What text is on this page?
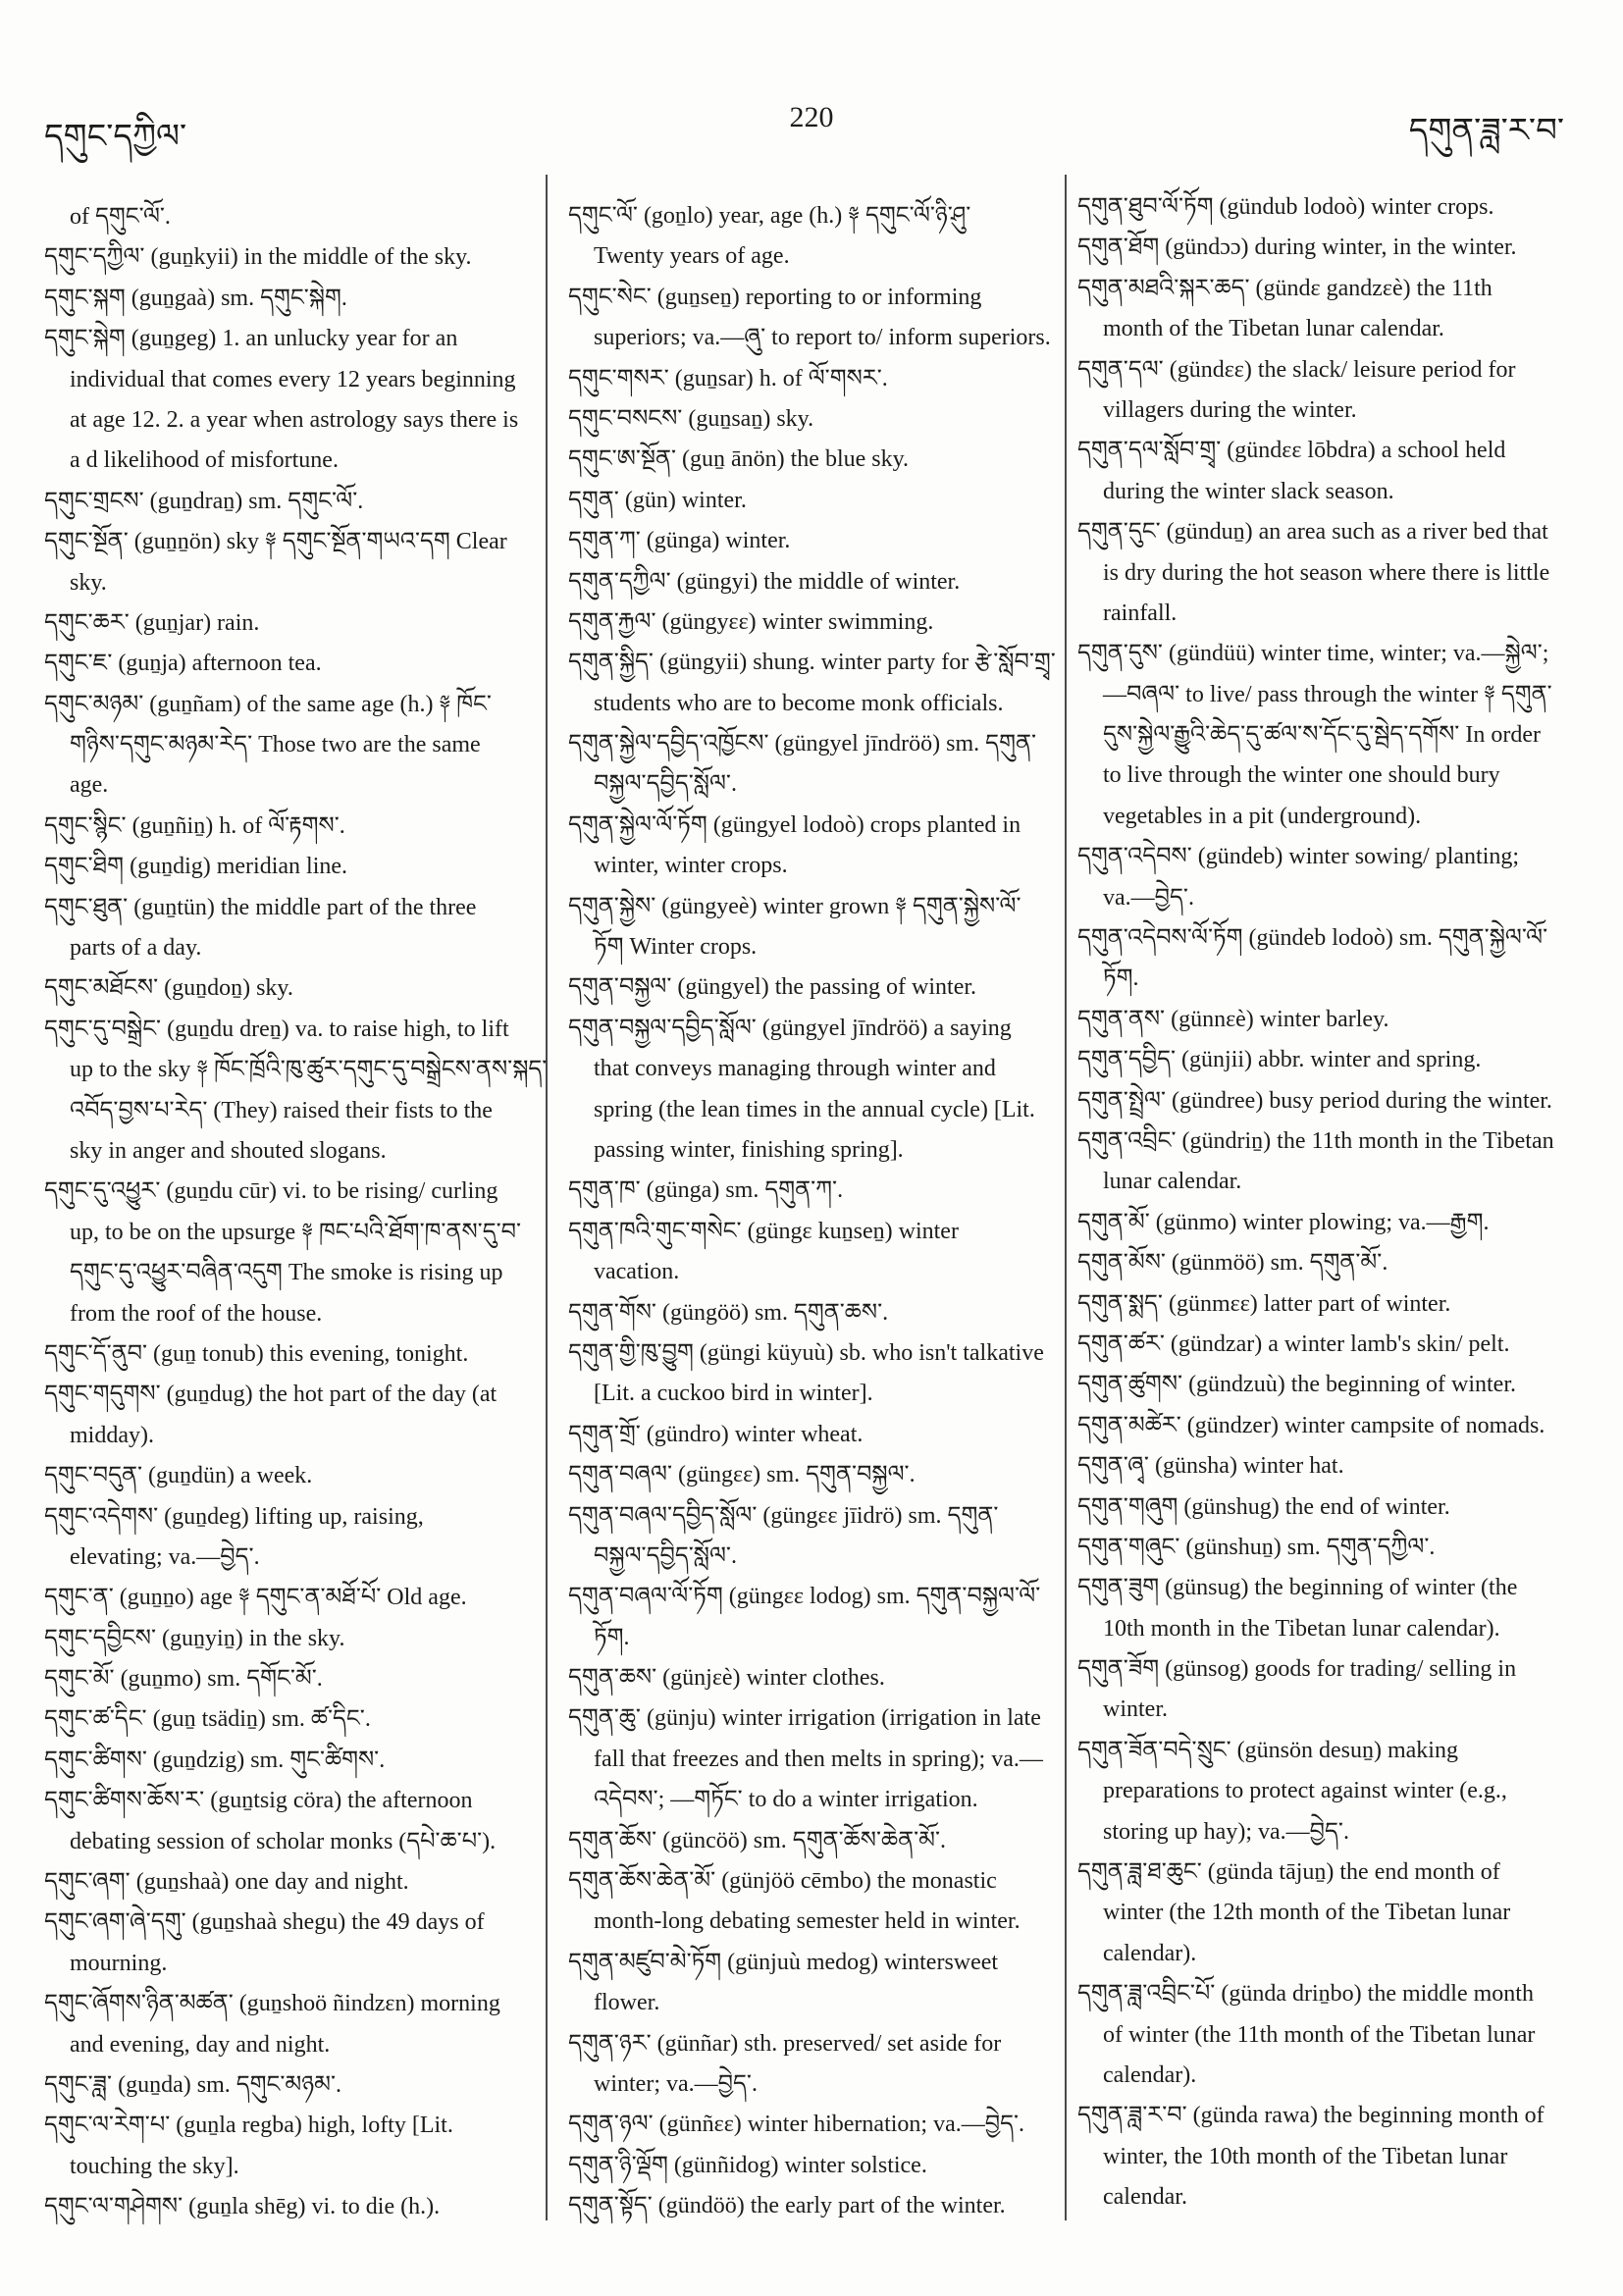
དགུང་དཀྱིལ་
220	དགུན་ཟླ་ར་བ་
of དགུང་ལོ་.
དགུང་དཀྱིལ་ (guṉkyii) in the middle of the sky.
དགུང་སྐག (guṉgaà) sm. དགུང་སྐེག.
དགུང་སྐེག (guṉgeg) 1. an unlucky year for an
individual that comes every 12 years beginning
at age 12. 2. a year when astrology says there is
a d likelihood of misfortune.
དགུང་གྲངས་ (guṉdraṉ) sm. དགུང་ལོ་.
དགུང་སྔོན་ (guṉṉön) sky ༈ དགུང་སྔོན་གཡའ་དག Clear
sky.
དགུང་ཆར་ (guṉjar) rain.
དགུང་ཇ་ (guṉja) afternoon tea.
དགུང་མཉམ་ (guṉñam) of the same age (h.) ༈ ཁོང་
གཉིས་དགུང་མཉམ་རེད་ Those two are the same
age.
དགུང་སྙིང་ (guṉñiṉ) h. of ལོ་རྟགས་.
དགུང་ཐིག (guṉdig) meridian line.
དགུང་ཐུན་ (guṉtün) the middle part of the three
parts of a day.
དགུང་མཐོངས་ (guṉdoṉ) sky.
དགུང་དུ་བསྒྲེང་ (guṉdu dreṉ) va. to raise high, to lift
up to the sky ༈ ཁོང་ཁྲོའི་ཁུ་ཚུར་དགུང་དུ་བསྒྲེངས་ནས་སྐད་
འབོད་བྱས་པ་རེད་ (They) raised their fists to the
sky in anger and shouted slogans.
དགུང་དུ་འཕྱུར་ (guṉdu cūr) vi. to be rising/ curling
up, to be on the upsurge ༈ ཁང་པའི་ཐོག་ཁ་ནས་དུ་བ་
དགུང་དུ་འཕྱུར་བཞིན་འདུག The smoke is rising up
from the roof of the house.
དགུང་དོ་ནུབ་ (guṉ tonub) this evening, tonight.
དགུང་གདུགས་ (guṉdug) the hot part of the day (at
midday).
དགུང་བདུན་ (guṉdün) a week.
དགུང་འདེགས་ (guṉdeg) lifting up, raising,
elevating; va.—བྱེད་.
དགུང་ན་ (guṉṉo) age ༈ དགུང་ན་མཐོ་པོ་ Old age.
དགུང་དབྱིངས་ (guṉyiṉ) in the sky.
དགུང་མོ་ (guṉmo) sm. དགོང་མོ་.
དགུང་ཚ་དིང་ (guṉ tsädiṉ) sm. ཚ་དིང་.
དགུང་ཚིགས་ (guṉdzig) sm. གུང་ཚིགས་.
དགུང་ཚིགས་ཆོས་ར་ (guṉtsig cöra) the afternoon
debating session of scholar monks (དཔེ་ཆ་པ་).
དགུང་ཞག་ (guṉshaà) one day and night.
དགུང་ཞག་ཞེ་དགུ་ (guṉshaà shegu) the 49 days of
mourning.
དགུང་ཞོགས་ཉིན་མཚན་ (guṉshoö ñindzɛn) morning
and evening, day and night.
དགུང་ཟླ་ (guṉda) sm. དགུང་མཉམ་.
དགུང་ལ་རེག་པ་ (guṉla regba) high, lofty [Lit.
touching the sky].
དགུང་ལ་གཤེགས་ (guṉla shēg) vi. to die (h.).
དགུང་ལོ་ (goṉlo) year, age (h.) ༈ དགུང་ལོ་ཉི་ཤུ་
Twenty years of age.
དགུང་སེང་ (guṉseṉ) reporting to or informing
superiors; va.—ཞུ་ to report to/ inform superiors.
དགུང་གསར་ (guṉsar) h. of ལོ་གསར་.
དགུང་བསངས་ (guṉsaṉ) sky.
དགུང་ཨ་སྔོན་ (guṉ ānön) the blue sky.
དགུན་ (gün) winter.
དགུན་ཀ་ (günga) winter.
དགུན་དཀྱིལ་ (güngyi) the middle of winter.
དགུན་རྐྱལ་ (güngyɛɛ) winter swimming.
དགུན་སྐྱིད་ (güngyii) shung. winter party for རྩེ་སློབ་གྲྭ་
students who are to become monk officials.
དགུན་སྐྱེལ་དབྱིད་འཁྱོངས་ (güngyel jīndröö) sm. དགུན་
བསྐྱལ་དབྱིད་སློལ་.
དགུན་སྐྱེལ་ལོ་ཏོག (güngyel lodoò) crops planted in
winter, winter crops.
དགུན་སྐྱེས་ (güngyeè) winter grown ༈ དགུན་སྐྱེས་ལོ་
ཏོག Winter crops.
དགུན་བསྐྱལ་ (güngyel) the passing of winter.
དགུན་བསྐྱལ་དབྱིད་སློལ་ (güngyel jīndröö) a saying
that conveys managing through winter and
spring (the lean times in the annual cycle) [Lit.
passing winter, finishing spring].
དགུན་ཁ་ (günga) sm. དགུན་ཀ་.
དགུན་ཁའི་གུང་གསེང་ (güngɛ kuṉseṉ) winter
vacation.
དགུན་གོས་ (güngöö) sm. དགུན་ཆས་.
དགུན་གྱི་ཁུ་བྱུག (güngi küyuù) sb. who isn't talkative
[Lit. a cuckoo bird in winter].
དགུན་གྲོ་ (gündro) winter wheat.
དགུན་བཞལ་ (güngɛɛ) sm. དགུན་བསྐྱལ་.
དགུན་བཞལ་དབྱིད་སློལ་ (güngɛɛ jīidrö) sm. དགུན་
བསྐྱལ་དབྱིད་སློལ་.
དགུན་བཞལ་ལོ་ཏོག (güngɛɛ lodog) sm. དགུན་བསྐྱལ་ལོ་
ཏོག.
དགུན་ཆས་ (günjɛè) winter clothes.
དགུན་ཆུ་ (günju) winter irrigation (irrigation in late
fall that freezes and then melts in spring); va.—
འདེབས་; —གཏོང་ to do a winter irrigation.
དགུན་ཆོས་ (güncöö) sm. དགུན་ཆོས་ཆེན་མོ་.
དགུན་ཆོས་ཆེན་མོ་ (günjöö cēmbo) the monastic
month-long debating semester held in winter.
དགུན་མཛུབ་མེ་ཏོག (günjuù medog) wintersweet
flower.
དགུན་ཉར་ (günñar) sth. preserved/ set aside for
winter; va.—བྱེད་.
དགུན་ཉལ་ (günñɛɛ) winter hibernation; va.—བྱེད་.
དགུན་ཉི་ལྡོག (günñidog) winter solstice.
དགུན་སྟོད་ (gündöö) the early part of the winter.
དགུན་ཐུབ་ལོ་ཏོག (gündub lodoò) winter crops.
དགུན་ཐོག (gündɔɔ) during winter, in the winter.
དགུན་མཐའི་སྐར་ཆད་ (gündɛ gandzɛè) the 11th
month of the Tibetan lunar calendar.
དགུན་དལ་ (gündɛɛ) the slack/ leisure period for
villagers during the winter.
དགུན་དལ་སློབ་གྲྭ་ (gündɛɛ lōbdra) a school held
during the winter slack season.
དགུན་དུང་ (günduṉ) an area such as a river bed that
is dry during the hot season where there is little
rainfall.
དགུན་དུས་ (gündüü) winter time, winter; va.—སྐྱེལ་;
—བཞལ་ to live/ pass through the winter ༈ དགུན་
དུས་སྐྱེལ་རྒྱུའི་ཆེད་དུ་ཚལ་ས་དོང་དུ་སྦེད་དགོས་ In order
to live through the winter one should bury
vegetables in a pit (underground).
དགུན་འདེབས་ (gündeb) winter sowing/ planting;
va.—བྱེད་.
དགུན་འདེབས་ལོ་ཏོག (gündeb lodoò) sm. དགུན་སྐྱེལ་ལོ་
ཏོག.
དགུན་ནས་ (günnɛè) winter barley.
དགུན་དབྱིད་ (günjii) abbr. winter and spring.
དགུན་སྤྲེལ་ (gündree) busy period during the winter.
དགུན་འབྲིང་ (gündriṉ) the 11th month in the Tibetan
lunar calendar.
དགུན་མོ་ (günmo) winter plowing; va.—རྒྱག.
དགུན་མོས་ (günmöö) sm. དགུན་མོ་.
དགུན་སྨད་ (günmɛɛ) latter part of winter.
དགུན་ཚར་ (gündzar) a winter lamb's skin/ pelt.
དགུན་ཚུགས་ (gündzuù) the beginning of winter.
དགུན་མཚེར་ (gündzer) winter campsite of nomads.
དགུན་ཞྭ་ (günsha) winter hat.
དགུན་གཞུག (günshug) the end of winter.
དགུན་གཞུང་ (günshuṉ) sm. དགུན་དཀྱིལ་.
དགུན་ཟུག (günsug) the beginning of winter (the
10th month in the Tibetan lunar calendar).
དགུན་ཟོག (günsog) goods for trading/ selling in
winter.
དགུན་ཟོན་བདེ་སྲུང་ (günsön desuṉ) making
preparations to protect against winter (e.g.,
storing up hay); va.—བྱེད་.
དགུན་ཟླ་ཐ་ཆུང་ (günda tājuṉ) the end month of
winter (the 12th month of the Tibetan lunar
calendar).
དགུན་ཟླ་འབྲིང་པོ་ (günda driṉbo) the middle month
of winter (the 11th month of the Tibetan lunar
calendar).
དགུན་ཟླ་ར་བ་ (günda rawa) the beginning month of
winter, the 10th month of the Tibetan lunar
calendar.
